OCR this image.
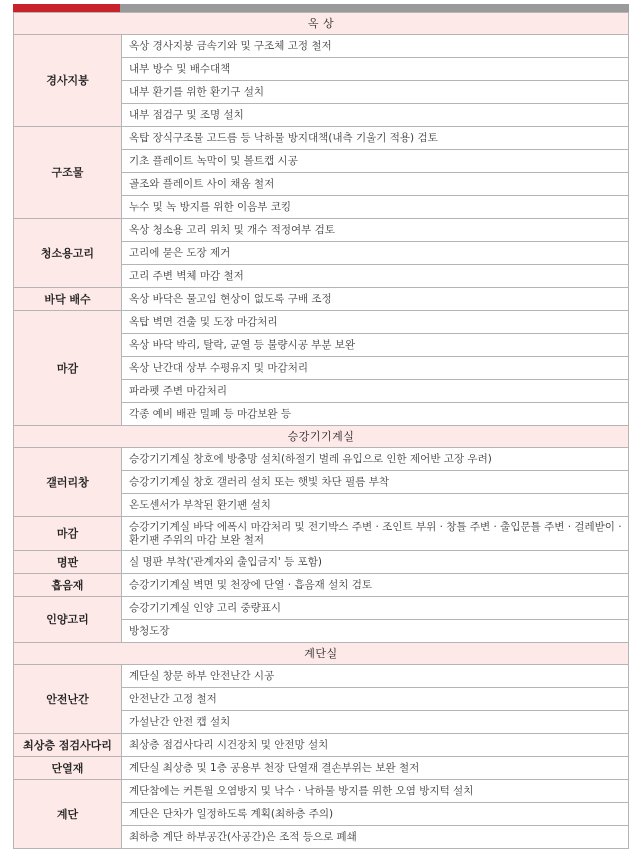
옥 상	
경사지붕	옥상 경사지붕 금속기와 및 구조체 고정 철저
	내부 방수 및 배수대책
	내부 환기를 위한 환기구 설치
	내부 점검구 및 조명 설치
구조물	옥탑 장식구조물 고드름 등 낙하물 방지대책(내측 기울기 적용) 검토
	기초 플레이트 녹막이 및 볼트캡 시공
	골조와 플레이트 사이 채움 철저
	누수 및 녹 방지를 위한 이음부 코킹
청소용고리	옥상 청소용 고리 위치 및 개수 적정여부 검토
	고리에 묻은 도장 제거
	고리 주변 벽체 마감 철저
바닥 배수	옥상 바닥은 물고임 현상이 없도록 구배 조정
마감	옥탑 벽면 견출 및 도장 마감처리
	옥상 바닥 박리, 탈락, 균열 등 불량시공 부분 보완
	옥상 난간대 상부 수평유지 및 마감처리
	파라펫 주변 마감처리
	각종 예비 배관 밀폐 등 마감보완 등
승강기기계실	
갤러리창	승강기기계실 창호에 방충망 설치(하절기 벌레 유입으로 인한 제어반 고장 우려)
	승강기기계실 창호 갤러리 설치 또는 햇빛 차단 필름 부착
	온도센서가 부착된 환기팬 설치
마감	승강기기계실 바닥 에폭시 마감처리 및 전기박스 주변 · 조인트 부위 · 창틀 주변 · 출입문틀 주변 · 걸레받이 · 환기팬 주위의 마감 보완 철저
명판	실 명판 부착('관계자외 출입금지' 등 포함)
흡음재	승강기기계실 벽면 및 천장에 단열 · 흡음재 설치 검토
인양고리	승강기기계실 인양 고리 중량표시
	방청도장
계단실	
안전난간	계단실 창문 하부 안전난간 시공
	안전난간 고정 철저
	가설난간 안전 캡 설치
최상층 점검사다리	최상층 점검사다리 시건장치 및 안전망 설치
단열재	계단실 최상층 및 1층 공용부 천장 단열재 결손부위는 보완 철저
계단	계단참에는 커튼월 오염방지 및 낙수 · 낙하물 방지를 위한 오염 방지턱 설치
	계단은 단차가 일정하도록 계획(최하층 주의)
	최하층 계단 하부공간(사공간)은 조적 등으로 폐쇄
